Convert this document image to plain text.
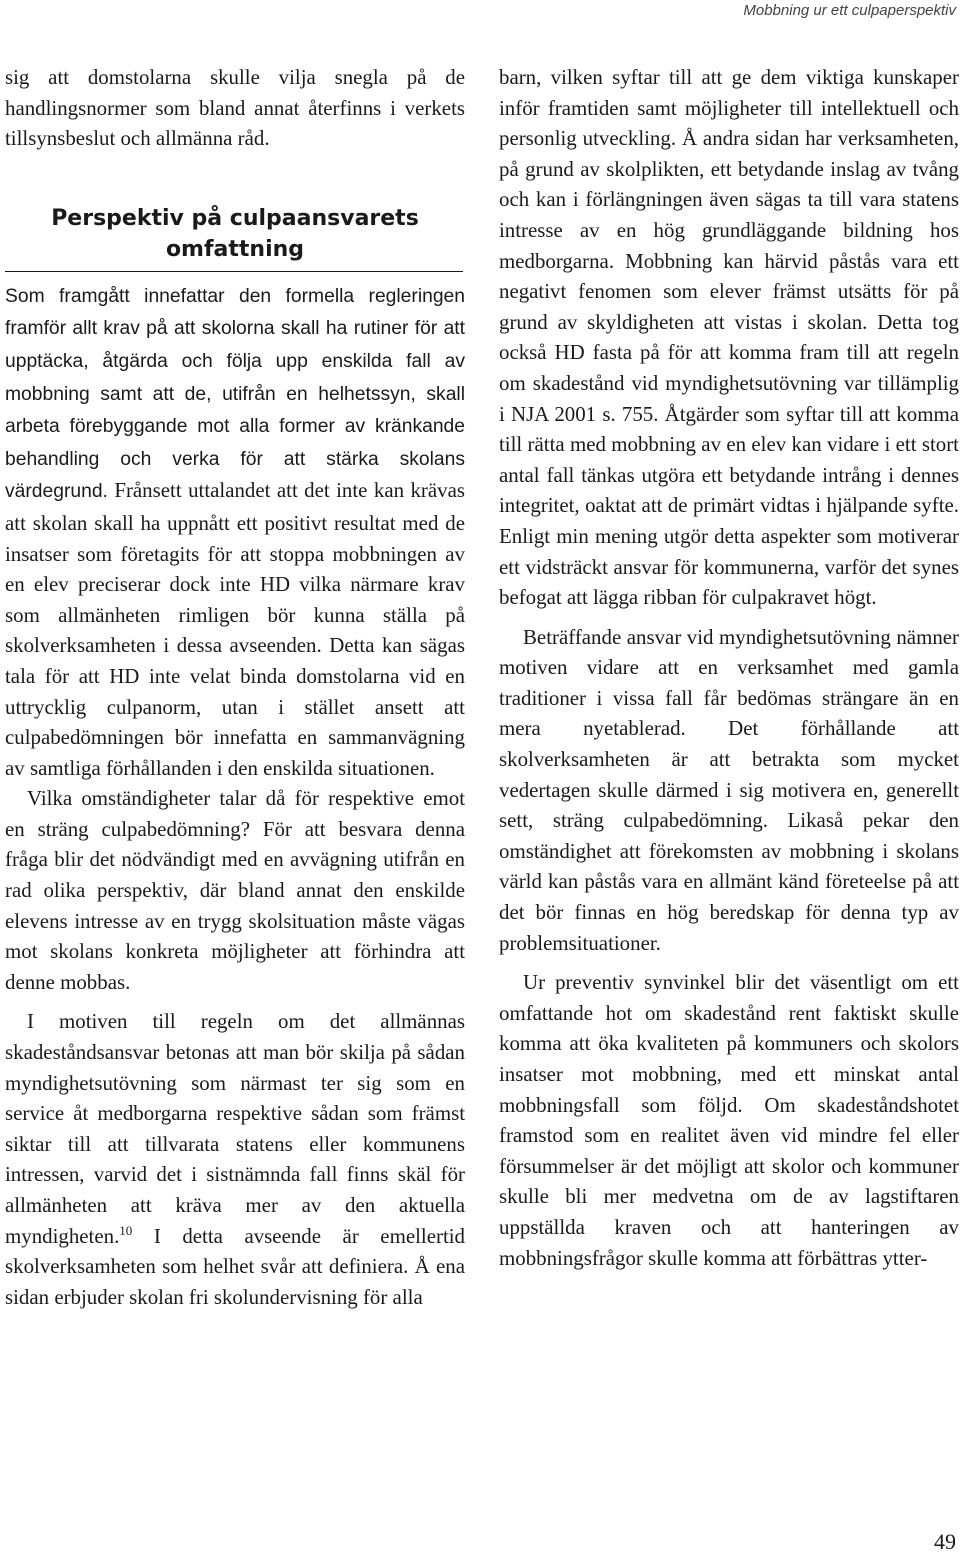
Mobbning ur ett culpaperspektiv

sig att domstolarna skulle vilja snegla på de handlingsnormer som bland annat återfinns i verkets tillsynsbeslut och allmänna råd.

Perspektiv på culpaansvarets
omfattning

Som framgått innefattar den formella regleringen framför allt krav på att skolorna skall ha rutiner för att upptäcka, åtgärda och följa upp enskilda fall av mobbning samt att de, utifrån en helhetssyn, skall arbeta förebyggande mot alla former av kränkande behandling och verka för att stärka skolans värdegrund. Frånsett uttalandet att det inte kan krävas att skolan skall ha uppnått ett positivt resultat med de insatser som företagits för att stoppa mobbningen av en elev preciserar dock inte HD vilka närmare krav som allmänheten rimligen bör kunna ställa på skolverksamheten i dessa avseenden. Detta kan sägas tala för att HD inte velat binda domstolarna vid en uttrycklig culpanorm, utan i stället ansett att culpabedömningen bör innefatta en sammanvägning av samtliga förhållanden i den enskilda situationen.

Vilka omständigheter talar då för respektive emot en sträng culpabedömning? För att besvara denna fråga blir det nödvändigt med en avvägning utifrån en rad olika perspektiv, där bland annat den enskilde elevens intresse av en trygg skolsituation måste vägas mot skolans konkreta möjligheter att förhindra att denne mobbas.

I motiven till regeln om det allmännas skadeståndsansvar betonas att man bör skilja på sådan myndighetsutövning som närmast ter sig som en service åt medborgarna respektive sådan som främst siktar till att tillvarata statens eller kommunens intressen, varvid det i sistnämnda fall finns skäl för allmänheten att kräva mer av den aktuella myndigheten.$^{10}$ I detta avseende är emellertid skolverksamheten som helhet svår att definiera. Å ena sidan erbjuder skolan fri skolundervisning för alla

barn, vilken syftar till att ge dem viktiga kunskaper inför framtiden samt möjligheter till intellektuell och personlig utveckling. Å andra sidan har verksamheten, på grund av skolplikten, ett betydande inslag av tvång och kan i förlängningen även sägas ta till vara statens intresse av en hög grundläggande bildning hos medborgarna. Mobbning kan härvid påstås vara ett negativt fenomen som elever främst utsätts för på grund av skyldigheten att vistas i skolan. Detta tog också HD fasta på för att komma fram till att regeln om skadestånd vid myndighetsutövning var tillämplig i NJA 2001 s. 755. Åtgärder som syftar till att komma till rätta med mobbning av en elev kan vidare i ett stort antal fall tänkas utgöra ett betydande intrång i dennes integritet, oaktat att de primärt vidtas i hjälpande syfte. Enligt min mening utgör detta aspekter som motiverar ett vidsträckt ansvar för kommunerna, varför det synes befogat att lägga ribban för culpakravet högt.

Beträffande ansvar vid myndighetsutövning nämner motiven vidare att en verksamhet med gamla traditioner i vissa fall får bedömas strängare än en mera nyetablerad. Det förhållande att skolverksamheten är att betrakta som mycket vedertagen skulle därmed i sig motivera en, generellt sett, sträng culpabedömning. Likaså pekar den omständighet att förekomsten av mobbning i skolans värld kan påstås vara en allmänt känd företeelse på att det bör finnas en hög beredskap för denna typ av problemsituationer.

Ur preventiv synvinkel blir det väsentligt om ett omfattande hot om skadestånd rent faktiskt skulle komma att öka kvaliteten på kommuners och skolors insatser mot mobbning, med ett minskat antal mobbningsfall som följd. Om skadeståndshotet framstod som en realitet även vid mindre fel eller försummelser är det möjligt att skolor och kommuner skulle bli mer medvetna om de av lagstiftaren uppställda kraven och att hanteringen av mobbningsfrågor skulle komma att förbättras ytter-

49
